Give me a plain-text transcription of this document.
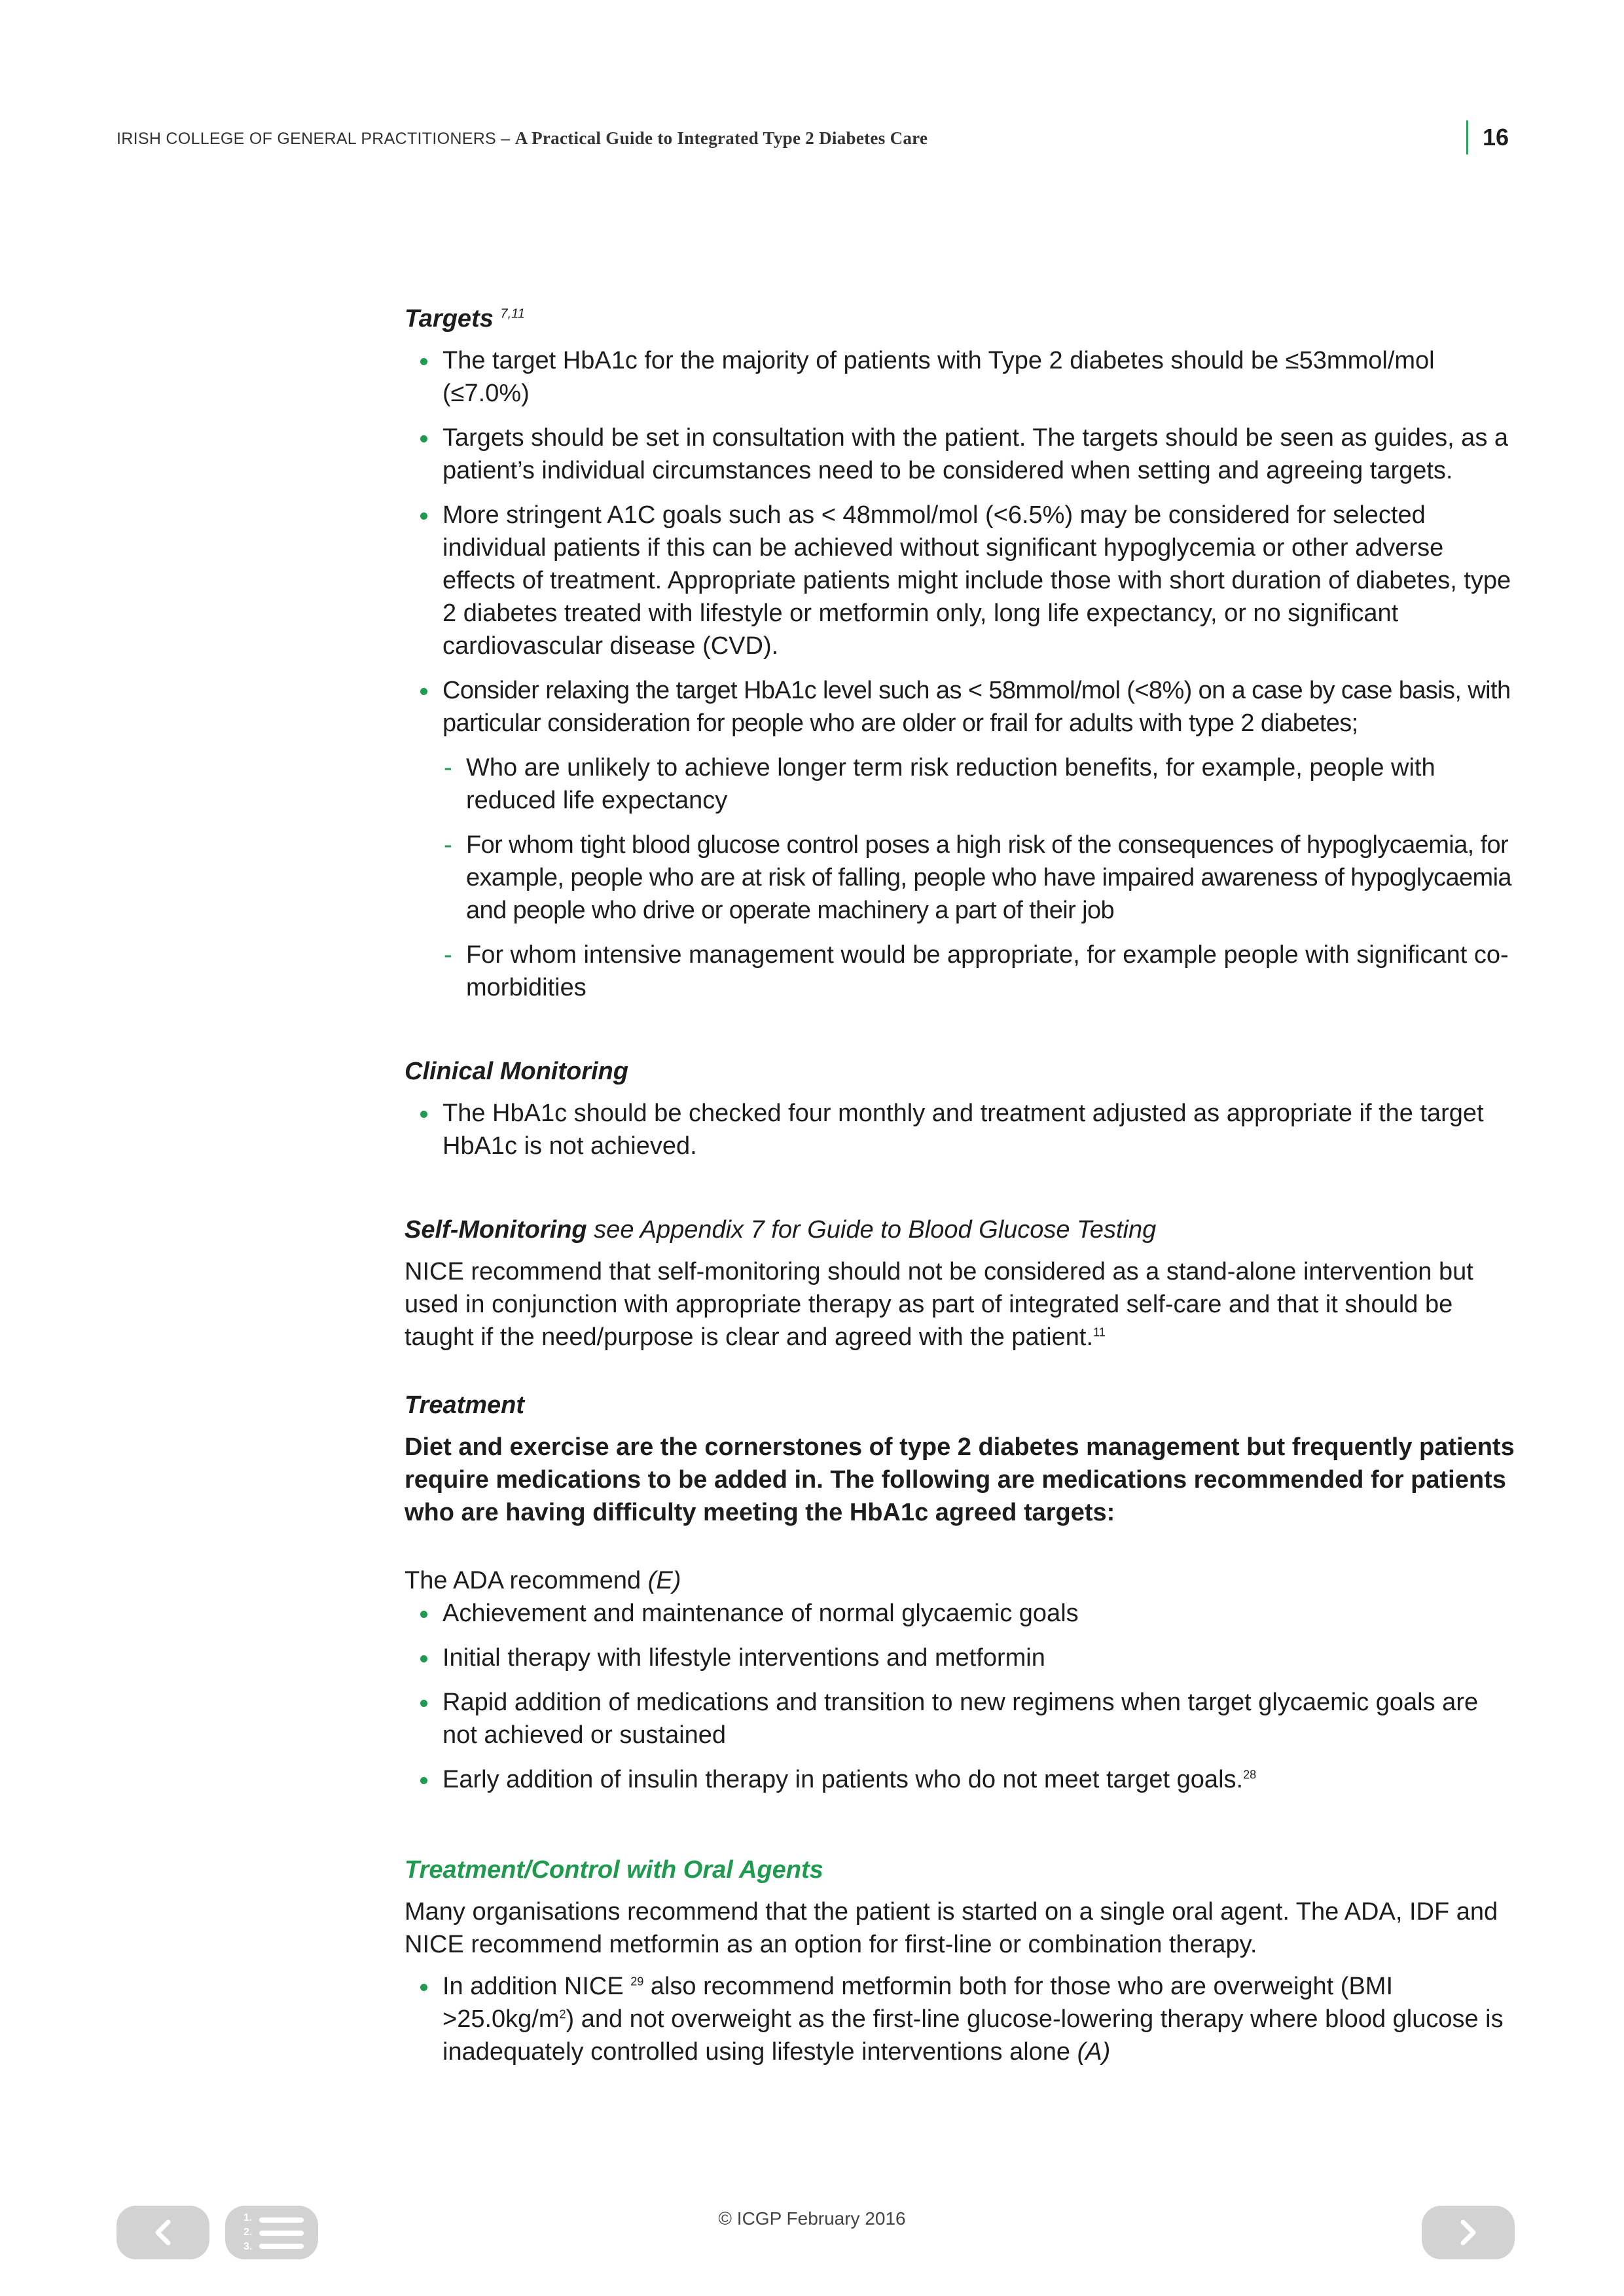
IRISH COLLEGE OF GENERAL PRACTITIONERS – A Practical Guide to Integrated Type 2 Diabetes Care	16
Targets $^{7,11}$
The target HbA1c for the majority of patients with Type 2 diabetes should be ≤53mmol/mol (≤7.0%)
Targets should be set in consultation with the patient. The targets should be seen as guides, as a patient’s individual circumstances need to be considered when setting and agreeing targets.
More stringent A1C goals such as < 48mmol/mol (<6.5%) may be considered for selected individual patients if this can be achieved without significant hypoglycemia or other adverse effects of treatment. Appropriate patients might include those with short duration of diabetes, type 2 diabetes treated with lifestyle or metformin only, long life expectancy, or no significant cardiovascular disease (CVD).
Consider relaxing the target HbA1c level such as < 58mmol/mol (<8%) on a case by case basis, with particular consideration for people who are older or frail for adults with type 2 diabetes;
- Who are unlikely to achieve longer term risk reduction benefits, for example, people with reduced life expectancy
- For whom tight blood glucose control poses a high risk of the consequences of hypoglycaemia, for example, people who are at risk of falling, people who have impaired awareness of hypoglycaemia and people who drive or operate machinery a part of their job
- For whom intensive management would be appropriate, for example people with significant co-morbidities
Clinical Monitoring
The HbA1c should be checked four monthly and treatment adjusted as appropriate if the target HbA1c is not achieved.
Self-Monitoring see Appendix 7 for Guide to Blood Glucose Testing

NICE recommend that self-monitoring should not be considered as a stand-alone intervention but used in conjunction with appropriate therapy as part of integrated self-care and that it should be taught if the need/purpose is clear and agreed with the patient.$^{11}$

Treatment

Diet and exercise are the cornerstones of type 2 diabetes management but frequently patients require medications to be added in. The following are medications recommended for patients who are having difficulty meeting the HbA1c agreed targets:

The ADA recommend (E)
Achievement and maintenance of normal glycaemic goals
Initial therapy with lifestyle interventions and metformin
Rapid addition of medications and transition to new regimens when target glycaemic goals are not achieved or sustained
Early addition of insulin therapy in patients who do not meet target goals.$^{28}$
Treatment/Control with Oral Agents

Many organisations recommend that the patient is started on a single oral agent. The ADA, IDF and NICE recommend metformin as an option for first-line or combination therapy.

In addition NICE $^{29}$ also recommend metformin both for those who are overweight (BMI >25.0kg/m$^2$) and not overweight as the first-line glucose-lowering therapy where blood glucose is inadequately controlled using lifestyle interventions alone (A)
1.
2.
3.
© ICGP February 2016
